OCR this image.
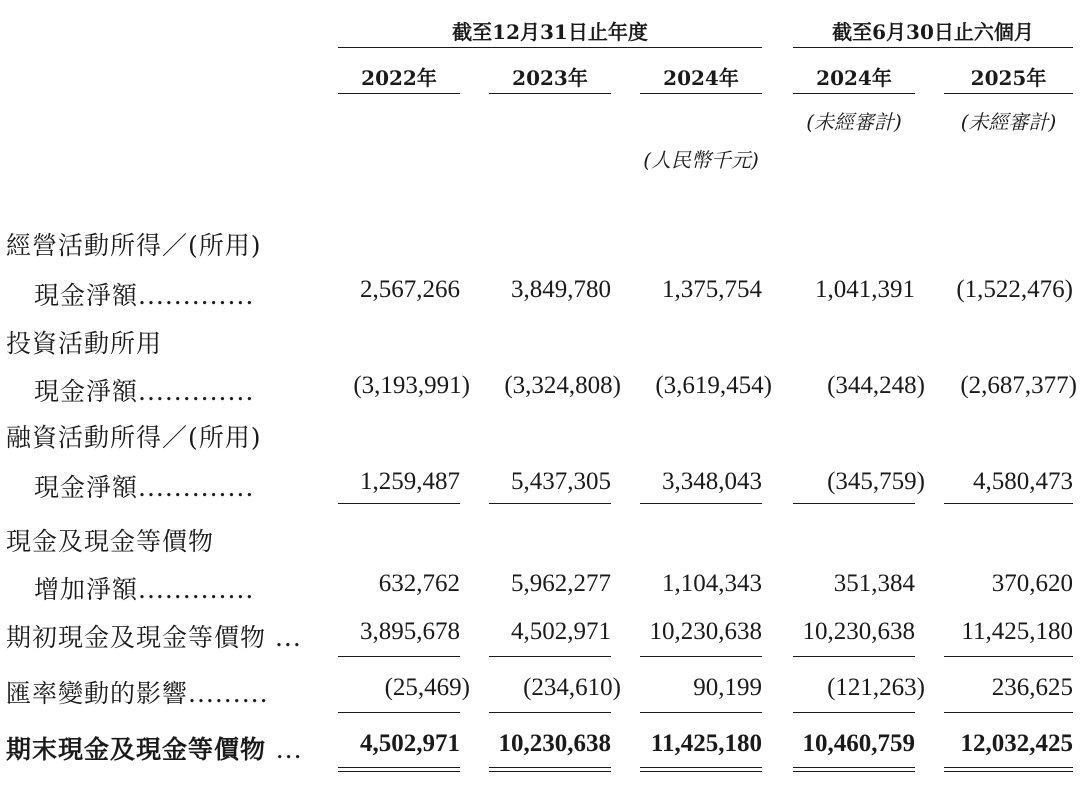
截至12月31日止年度	截至6月30日止六個月
2022年	2023年	2024年	2024年	2025年
(未經審計)	(未經審計)
(人民幣千元)
經營活動所得／(所用)
現金淨額.............	2,567,266	3,849,780	1,375,754	1,041,391	(1,522,476)
投資活動所用
現金淨額.............	(3,193,991)	(3,324,808)	(3,619,454)	(344,248)	(2,687,377)
融資活動所得／(所用)
現金淨額.............	1,259,487	5,437,305	3,348,043	(345,759)	4,580,473
現金及現金等價物
增加淨額.............	632,762	5,962,277	1,104,343	351,384	370,620
期初現金及現金等價物 ...	3,895,678	4,502,971	10,230,638	10,230,638	11,425,180
匯率變動的影響.........	(25,469)	(234,610)	90,199	(121,263)	236,625
期末現金及現金等價物 ...	4,502,971	10,230,638	11,425,180	10,460,759	12,032,425
